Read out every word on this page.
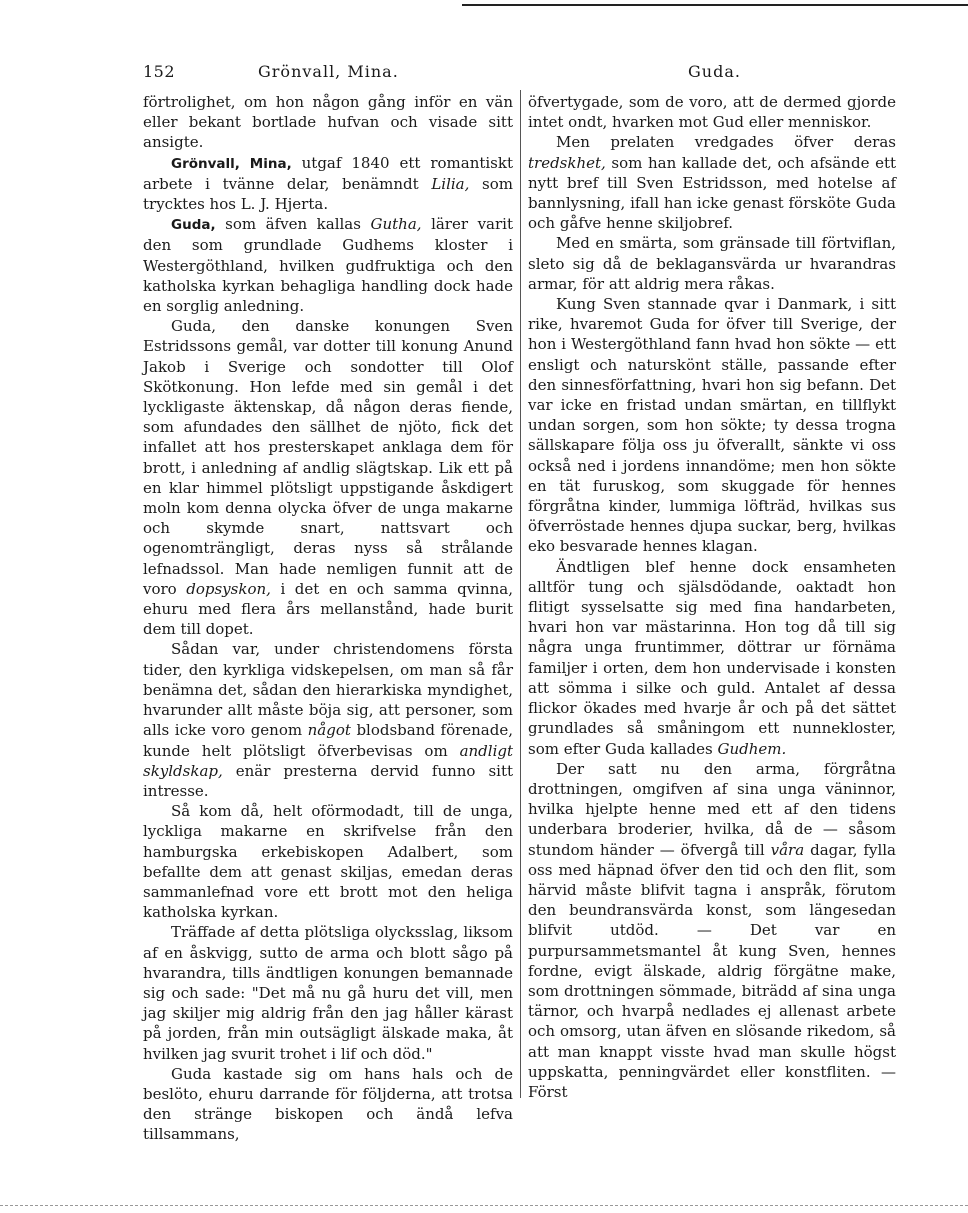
152	Grönvall, Mina.	Guda.

förtrolighet, om hon någon gång inför en vän eller bekant bortlade hufvan och visade sitt ansigte.

Grönvall, Mina, utgaf 1840 ett romantiskt arbete i tvänne delar, benämndt Lilia, som trycktes hos L. J. Hjerta.

Guda, som äfven kallas Gutha, lärer varit den som grundlade Gudhems kloster i Westergöthland, hvilken gudfruktiga och den katholska kyrkan behagliga handling dock hade en sorglig anledning.

Guda, den danske konungen Sven Estridssons gemål, var dotter till konung Anund Jakob i Sverige och sondotter till Olof Skötkonung. Hon lefde med sin gemål i det lyckligaste äktenskap, då någon deras fiende, som afundades den sällhet de njöto, fick det infallet att hos presterskapet anklaga dem för brott, i anledning af andlig slägtskap. Lik ett på en klar himmel plötsligt uppstigande åskdigert moln kom denna olycka öfver de unga makarne och skymde snart, nattsvart och ogenomträngligt, deras nyss så strålande lefnadssol. Man hade nemligen funnit att de voro dopsyskon, i det en och samma qvinna, ehuru med flera års mellanstånd, hade burit dem till dopet.

Sådan var, under christendomens första tider, den kyrkliga vidskepelsen, om man så får benämna det, sådan den hierarkiska myndighet, hvarunder allt måste böja sig, att personer, som alls icke voro genom något blodsband förenade, kunde helt plötsligt öfverbevisas om andligt skyldskap, enär presterna dervid funno sitt intresse.

Så kom då, helt oförmodadt, till de unga, lyckliga makarne en skrifvelse från den hamburgska erkebiskopen Adalbert, som befallte dem att genast skiljas, emedan deras sammanlefnad vore ett brott mot den heliga katholska kyrkan.

Träffade af detta plötsliga olycksslag, liksom af en åskvigg, sutto de arma och blott sågo på hvarandra, tills ändtligen konungen bemannade sig och sade: "Det må nu gå huru det vill, men jag skiljer mig aldrig från den jag håller kärast på jorden, från min outsägligt älskade maka, åt hvilken jag svurit trohet i lif och död."

Guda kastade sig om hans hals och de beslöto, ehuru darrande för följderna, att trotsa den stränge biskopen och ändå lefva tillsammans,

öfvertygade, som de voro, att de dermed gjorde intet ondt, hvarken mot Gud eller menniskor.

Men prelaten vredgades öfver deras tredskhet, som han kallade det, och afsände ett nytt bref till Sven Estridsson, med hotelse af bannlysning, ifall han icke genast försköte Guda och gåfve henne skiljobref.

Med en smärta, som gränsade till förtviflan, sleto sig då de beklagansvärda ur hvarandras armar, för att aldrig mera råkas.

Kung Sven stannade qvar i Danmark, i sitt rike, hvaremot Guda for öfver till Sverige, der hon i Westergöthland fann hvad hon sökte — ett ensligt och naturskönt ställe, passande efter den sinnesförfattning, hvari hon sig befann. Det var icke en fristad undan smärtan, en tillflykt undan sorgen, som hon sökte; ty dessa trogna sällskapare följa oss ju öfverallt, sänkte vi oss också ned i jordens innandöme; men hon sökte en tät furuskog, som skuggade för hennes förgråtna kinder, lummiga löfträd, hvilkas sus öfverröstade hennes djupa suckar, berg, hvilkas eko besvarade hennes klagan.

Ändtligen blef henne dock ensamheten alltför tung och själsdödande, oaktadt hon flitigt sysselsatte sig med fina handarbeten, hvari hon var mästarinna. Hon tog då till sig några unga fruntimmer, döttrar ur förnäma familjer i orten, dem hon undervisade i konsten att sömma i silke och guld. Antalet af dessa flickor ökades med hvarje år och på det sättet grundlades så småningom ett nunnekloster, som efter Guda kallades Gudhem.

Der satt nu den arma, förgråtna drottningen, omgifven af sina unga väninnor, hvilka hjelpte henne med ett af den tidens underbara broderier, hvilka, då de — såsom stundom händer — öfvergå till våra dagar, fylla oss med häpnad öfver den tid och den flit, som härvid måste blifvit tagna i anspråk, förutom den beundransvärda konst, som längesedan blifvit utdöd. — Det var en purpursammetsmantel åt kung Sven, hennes fordne, evigt älskade, aldrig förgätne make, som drottningen sömmade, biträdd af sina unga tärnor, och hvarpå nedlades ej allenast arbete och omsorg, utan äfven en slösande rikedom, så att man knappt visste hvad man skulle högst uppskatta, penningvärdet eller konstfliten. — Först
